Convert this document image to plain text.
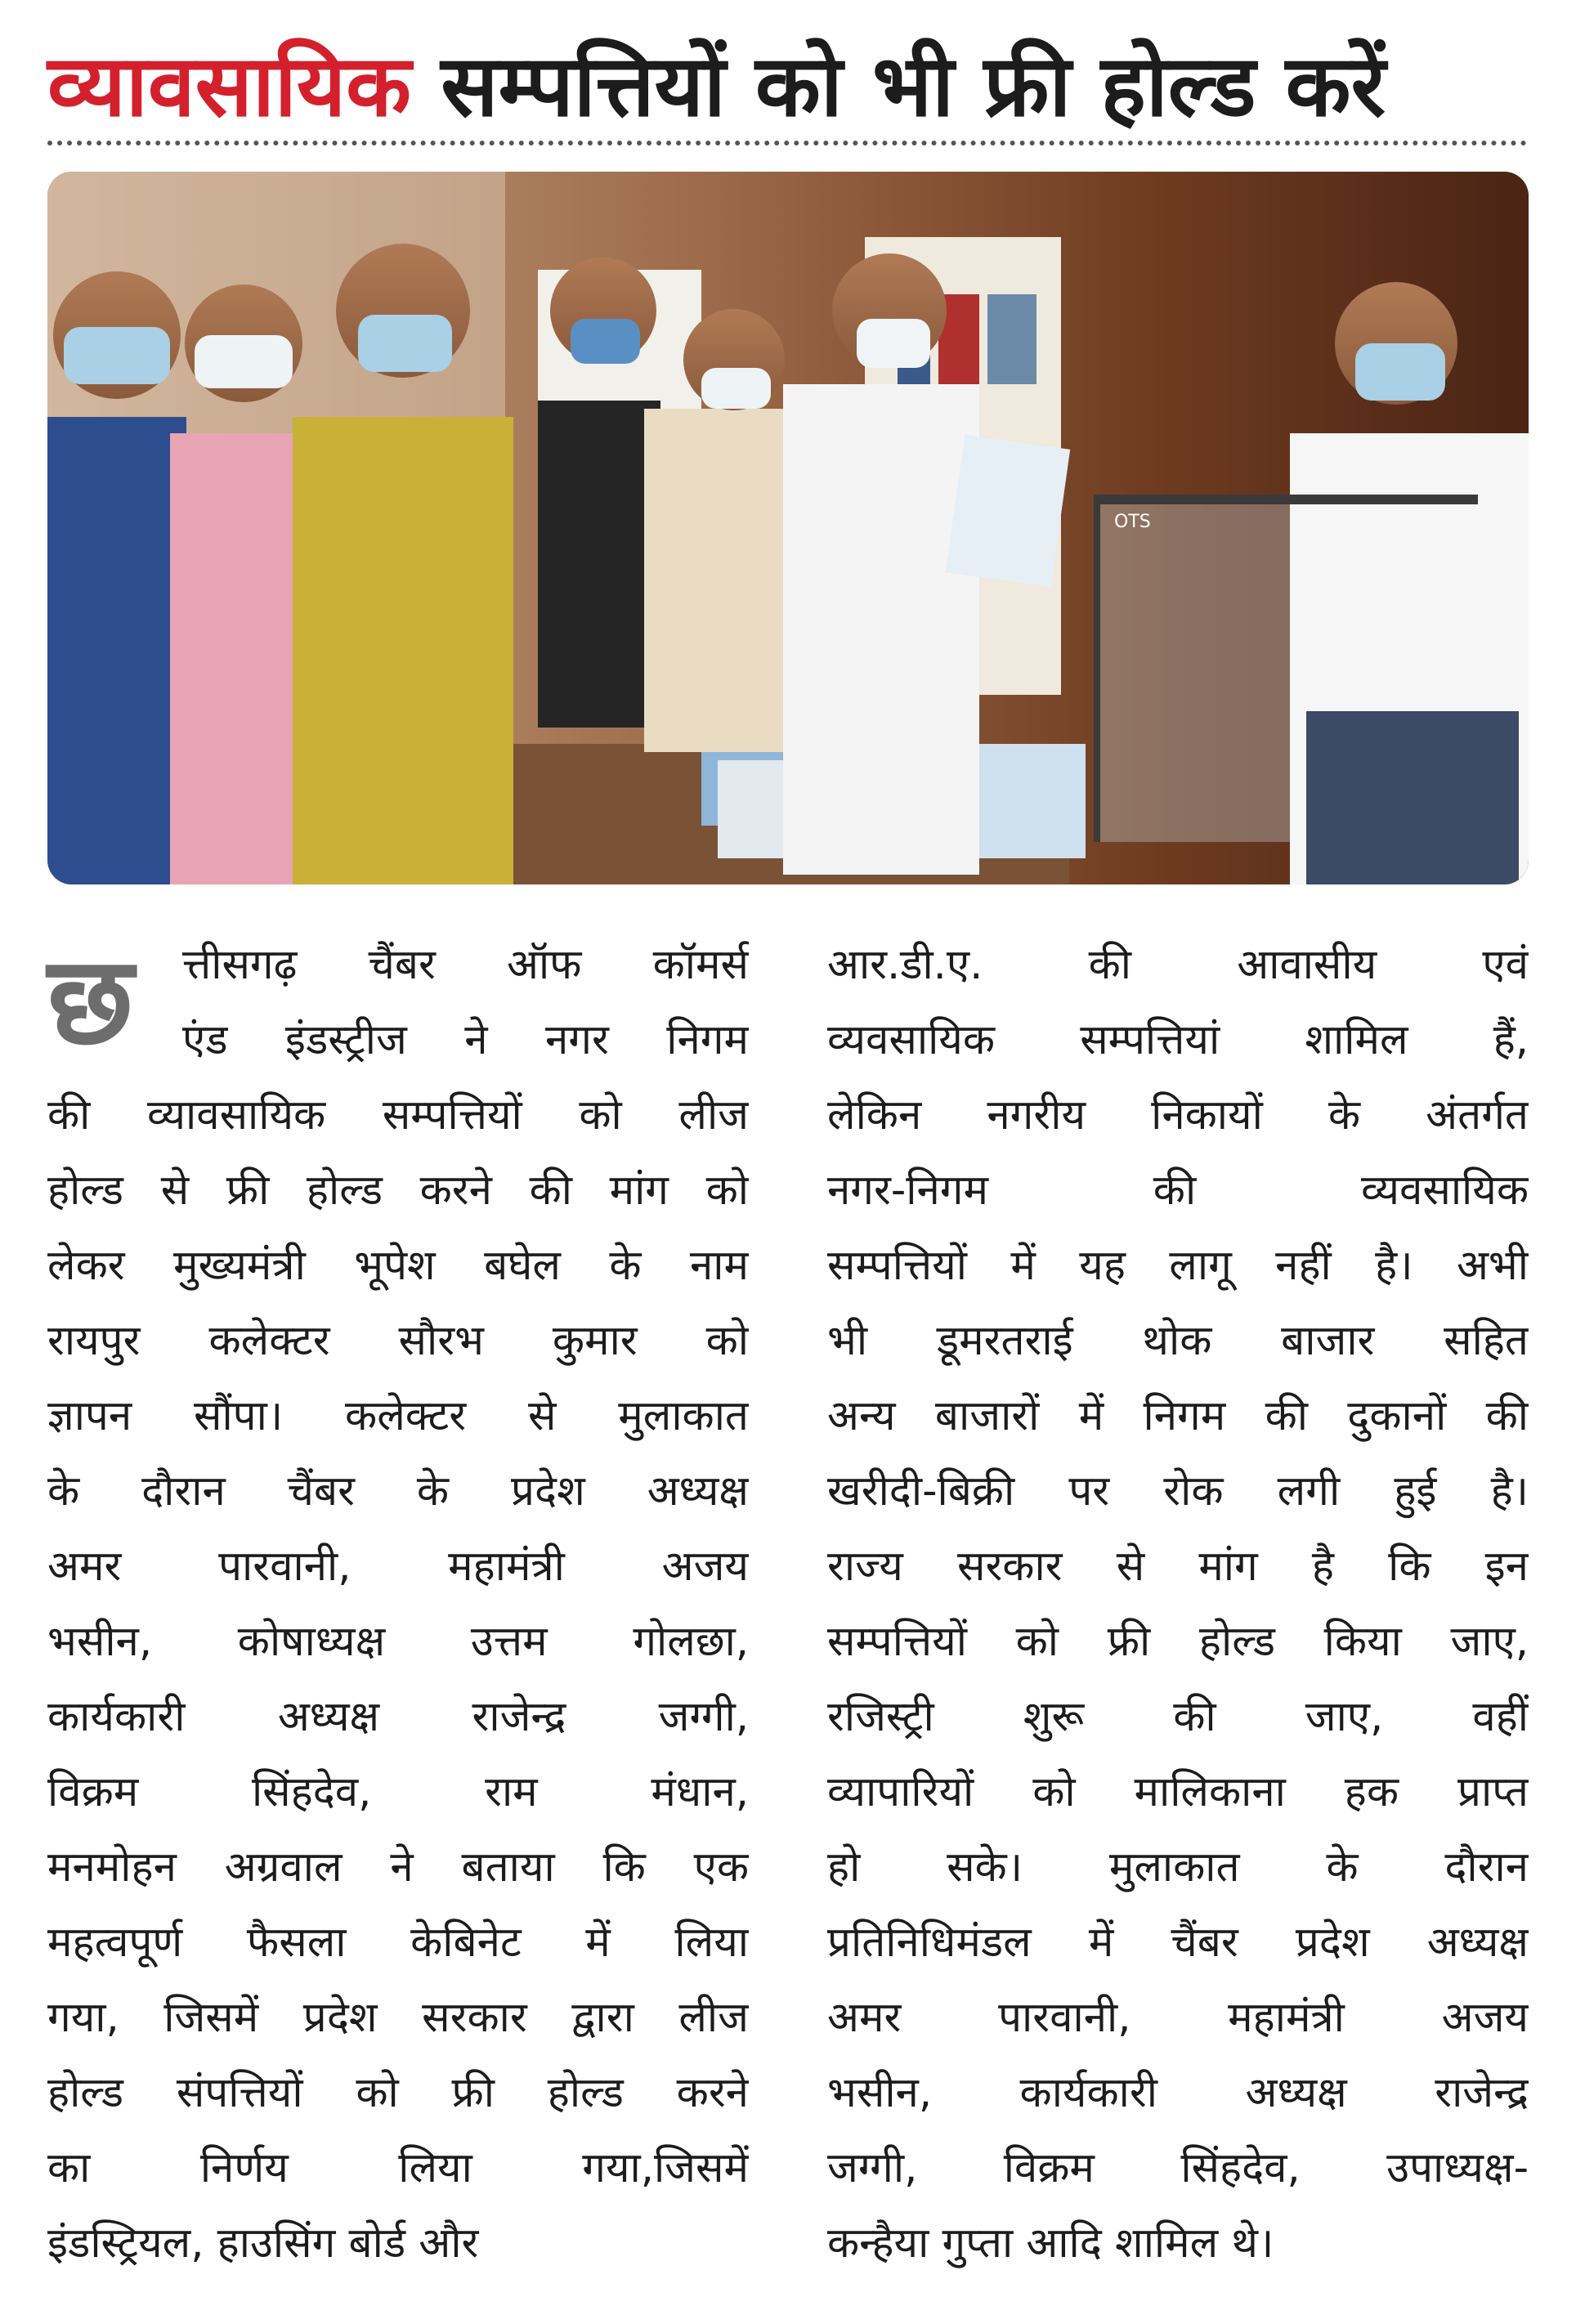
व्यावसायिक सम्पत्तियों को भी फ्री होल्ड करें
OTS
छ	त्तीसगढ़ चैंबर ऑफ कॉमर्स
एंड इंडस्ट्रीज ने नगर निगम
की व्यावसायिक सम्पत्तियों को लीज
होल्ड से फ्री होल्ड करने की मांग को
लेकर मुख्यमंत्री भूपेश बघेल के नाम
रायपुर कलेक्टर सौरभ कुमार को
ज्ञापन सौंपा। कलेक्टर से मुलाकात
के दौरान चैंबर के प्रदेश अध्यक्ष
अमर पारवानी, महामंत्री अजय
भसीन, कोषाध्यक्ष उत्तम गोलछा,
कार्यकारी अध्यक्ष राजेन्द्र जग्गी,
विक्रम सिंहदेव, राम मंधान,
मनमोहन अग्रवाल ने बताया कि एक
महत्वपूर्ण फैसला केबिनेट में लिया
गया, जिसमें प्रदेश सरकार द्वारा लीज
होल्ड संपत्तियों को फ्री होल्ड करने
का निर्णय लिया गया,जिसमें
इंडस्ट्रियल, हाउसिंग बोर्ड और
आर.डी.ए. की आवासीय एवं
व्यवसायिक सम्पत्तियां शामिल हैं,
लेकिन नगरीय निकायों के अंतर्गत
नगर-निगम की व्यवसायिक
सम्पत्तियों में यह लागू नहीं है। अभी
भी डूमरतराई थोक बाजार सहित
अन्य बाजारों में निगम की दुकानों की
खरीदी-बिक्री पर रोक लगी हुई है।
राज्य सरकार से मांग है कि इन
सम्पत्तियों को फ्री होल्ड किया जाए,
रजिस्ट्री शुरू की जाए, वहीं
व्यापारियों को मालिकाना हक प्राप्त
हो सके। मुलाकात के दौरान
प्रतिनिधिमंडल में चैंबर प्रदेश अध्यक्ष
अमर पारवानी, महामंत्री अजय
भसीन, कार्यकारी अध्यक्ष राजेन्द्र
जग्गी, विक्रम सिंहदेव, उपाध्यक्ष-
कन्हैया गुप्ता आदि शामिल थे।
